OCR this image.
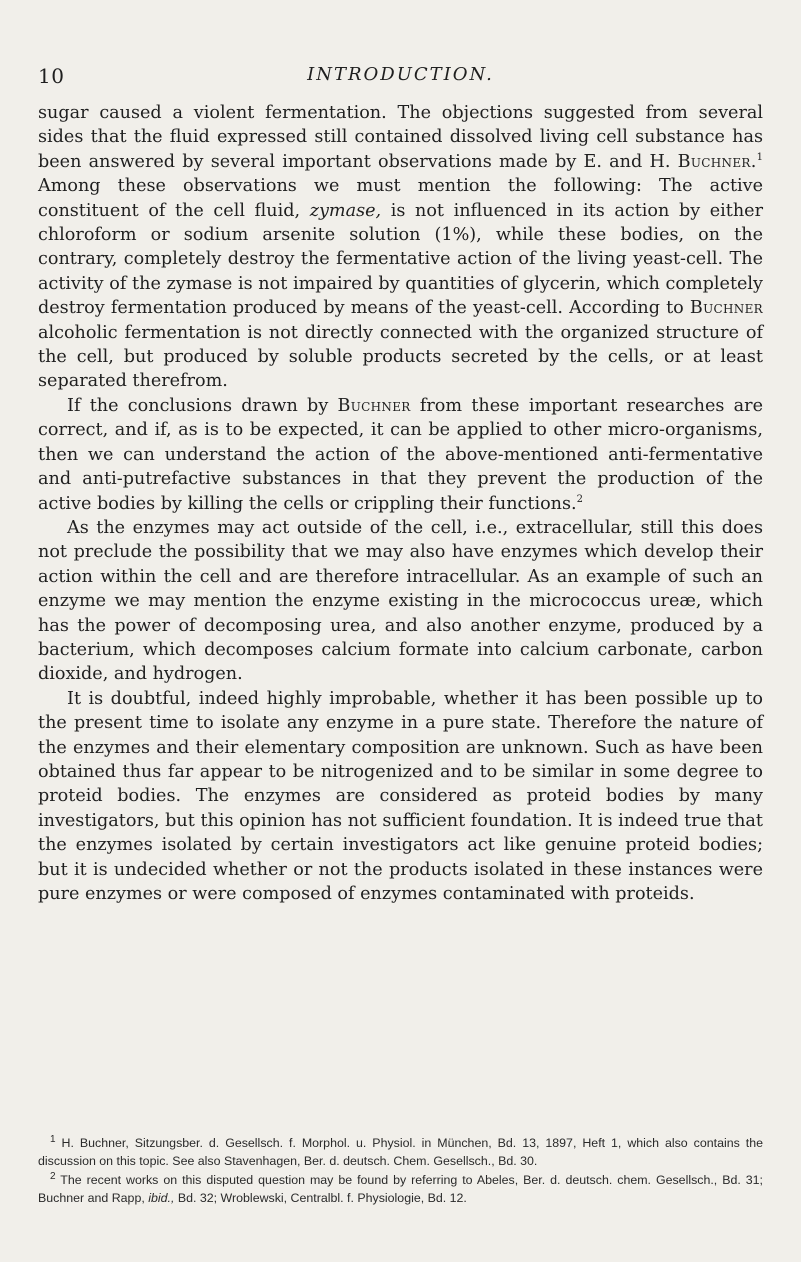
10	INTRODUCTION.

sugar caused a violent fermentation. The objections suggested from several sides that the fluid expressed still contained dissolved living cell substance has been answered by several important observations made by E. and H. Buchner.$^1$ Among these observations we must mention the following: The active constituent of the cell fluid, zymase, is not influenced in its action by either chloroform or sodium arsenite solution (1%), while these bodies, on the contrary, completely destroy the fermentative action of the living yeast-cell. The activity of the zymase is not impaired by quantities of glycerin, which completely destroy fermentation produced by means of the yeast-cell. According to Buchner alcoholic fermentation is not directly connected with the organized structure of the cell, but produced by soluble products secreted by the cells, or at least separated therefrom.

If the conclusions drawn by Buchner from these important researches are correct, and if, as is to be expected, it can be applied to other micro-organisms, then we can understand the action of the above-mentioned anti-fermentative and anti-putrefactive substances in that they prevent the production of the active bodies by killing the cells or crippling their functions.$^2$

As the enzymes may act outside of the cell, i.e., extracellular, still this does not preclude the possibility that we may also have enzymes which develop their action within the cell and are therefore intracellular. As an example of such an enzyme we may mention the enzyme existing in the micrococcus ureæ, which has the power of decomposing urea, and also another enzyme, produced by a bacterium, which decomposes calcium formate into calcium carbonate, carbon dioxide, and hydrogen.

It is doubtful, indeed highly improbable, whether it has been possible up to the present time to isolate any enzyme in a pure state. Therefore the nature of the enzymes and their elementary composition are unknown. Such as have been obtained thus far appear to be nitrogenized and to be similar in some degree to proteid bodies. The enzymes are considered as proteid bodies by many investigators, but this opinion has not sufficient foundation. It is indeed true that the enzymes isolated by certain investigators act like genuine proteid bodies; but it is undecided whether or not the products isolated in these instances were pure enzymes or were composed of enzymes contaminated with proteids.

$^1$ H. Buchner, Sitzungsber. d. Gesellsch. f. Morphol. u. Physiol. in München, Bd. 13, 1897, Heft 1, which also contains the discussion on this topic. See also Stavenhagen, Ber. d. deutsch. Chem. Gesellsch., Bd. 30.

$^2$ The recent works on this disputed question may be found by referring to Abeles, Ber. d. deutsch. chem. Gesellsch., Bd. 31; Buchner and Rapp, ibid., Bd. 32; Wroblewski, Centralbl. f. Physiologie, Bd. 12.
